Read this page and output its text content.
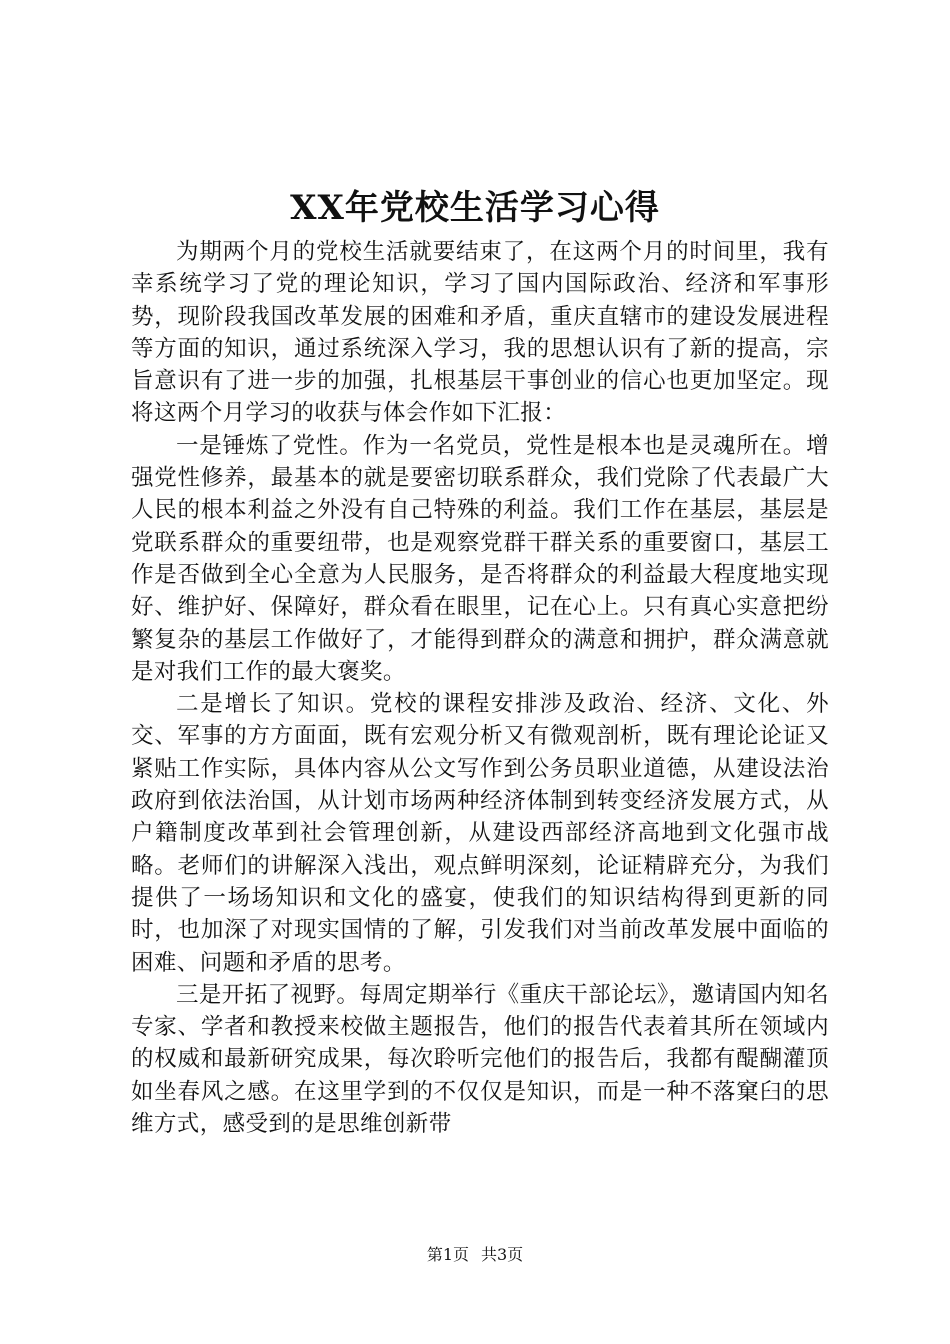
XX年党校生活学习心得

为期两个月的党校生活就要结束了，在这两个月的时间里，我有幸系统学习了党的理论知识，学习了国内国际政治、经济和军事形势，现阶段我国改革发展的困难和矛盾，重庆直辖市的建设发展进程等方面的知识，通过系统深入学习，我的思想认识有了新的提高，宗旨意识有了进一步的加强，扎根基层干事创业的信心也更加坚定。现将这两个月学习的收获与体会作如下汇报：

一是锤炼了党性。作为一名党员，党性是根本也是灵魂所在。增强党性修养，最基本的就是要密切联系群众，我们党除了代表最广大人民的根本利益之外没有自己特殊的利益。我们工作在基层，基层是党联系群众的重要纽带，也是观察党群干群关系的重要窗口，基层工作是否做到全心全意为人民服务，是否将群众的利益最大程度地实现好、维护好、保障好，群众看在眼里，记在心上。只有真心实意把纷繁复杂的基层工作做好了，才能得到群众的满意和拥护，群众满意就是对我们工作的最大褒奖。

二是增长了知识。党校的课程安排涉及政治、经济、文化、外交、军事的方方面面，既有宏观分析又有微观剖析，既有理论论证又紧贴工作实际，具体内容从公文写作到公务员职业道德，从建设法治政府到依法治国，从计划市场两种经济体制到转变经济发展方式，从户籍制度改革到社会管理创新，从建设西部经济高地到文化强市战略。老师们的讲解深入浅出，观点鲜明深刻，论证精辟充分，为我们提供了一场场知识和文化的盛宴，使我们的知识结构得到更新的同时，也加深了对现实国情的了解，引发我们对当前改革发展中面临的困难、问题和矛盾的思考。

三是开拓了视野。每周定期举行《重庆干部论坛》，邀请国内知名专家、学者和教授来校做主题报告，他们的报告代表着其所在领域内的权威和最新研究成果，每次聆听完他们的报告后，我都有醍醐灌顶如坐春风之感。在这里学到的不仅仅是知识，而是一种不落窠臼的思维方式，感受到的是思维创新带

第1页 共3页
